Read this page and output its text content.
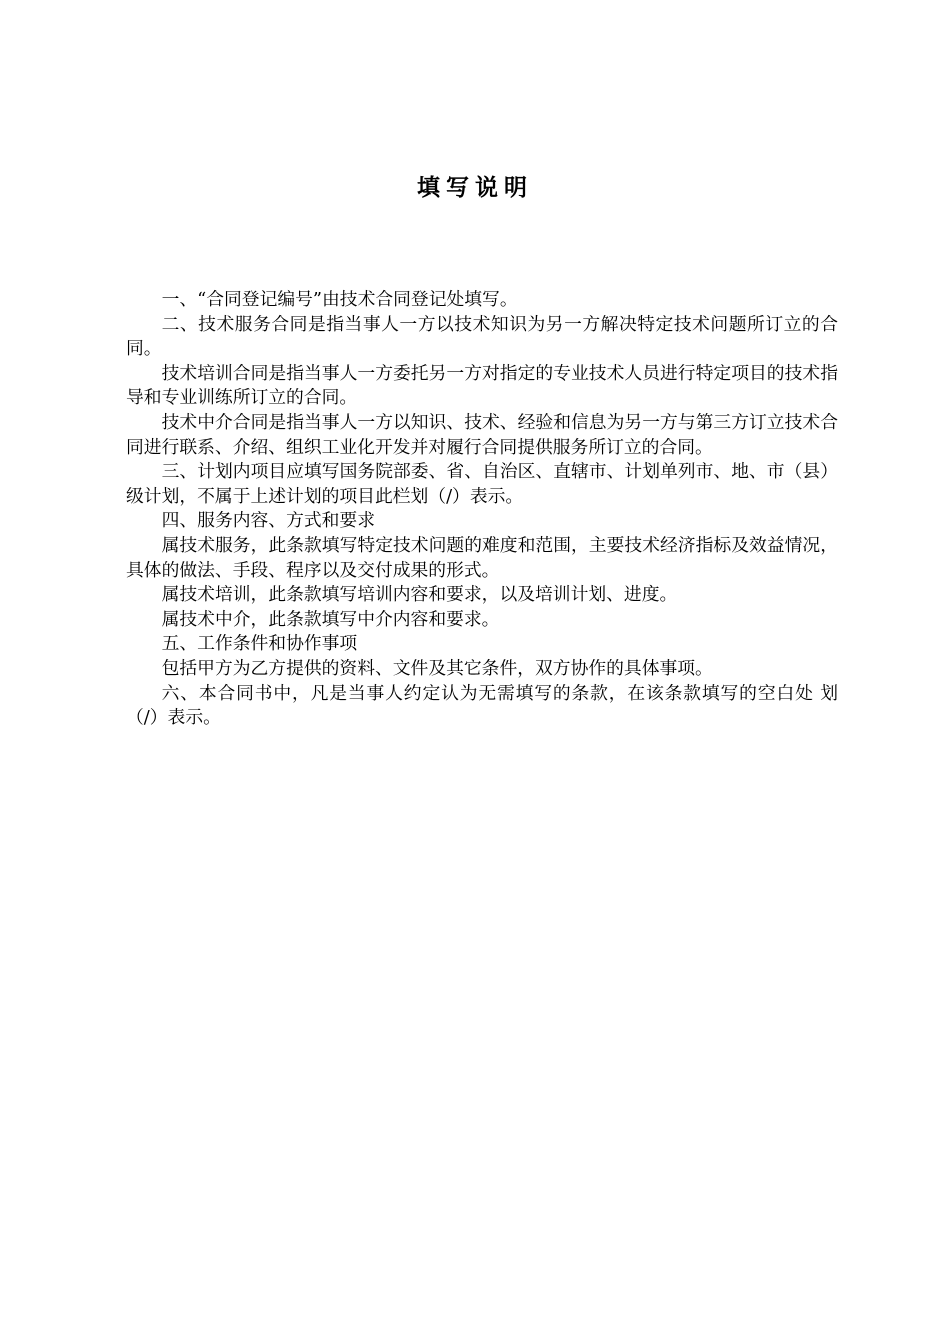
填写说明

一、“合同登记编号”由技术合同登记处填写。

二、技术服务合同是指当事人一方以技术知识为另一方解决特定技术问题所订立的合同。

技术培训合同是指当事人一方委托另一方对指定的专业技术人员进行特定项目的技术指导和专业训练所订立的合同。

技术中介合同是指当事人一方以知识、技术、经验和信息为另一方与第三方订立技术合同进行联系、介绍、组织工业化开发并对履行合同提供服务所订立的合同。

三、计划内项目应填写国务院部委、省、自治区、直辖市、计划单列市、地、市（县）级计划，不属于上述计划的项目此栏划（/）表示。

四、服务内容、方式和要求

属技术服务，此条款填写特定技术问题的难度和范围，主要技术经济指标及效益情况，具体的做法、手段、程序以及交付成果的形式。

属技术培训，此条款填写培训内容和要求，以及培训计划、进度。

属技术中介，此条款填写中介内容和要求。

五、工作条件和协作事项

包括甲方为乙方提供的资料、文件及其它条件，双方协作的具体事项。

六、本合同书中，凡是当事人约定认为无需填写的条款，在该条款填写的空白处 划（/）表示。
